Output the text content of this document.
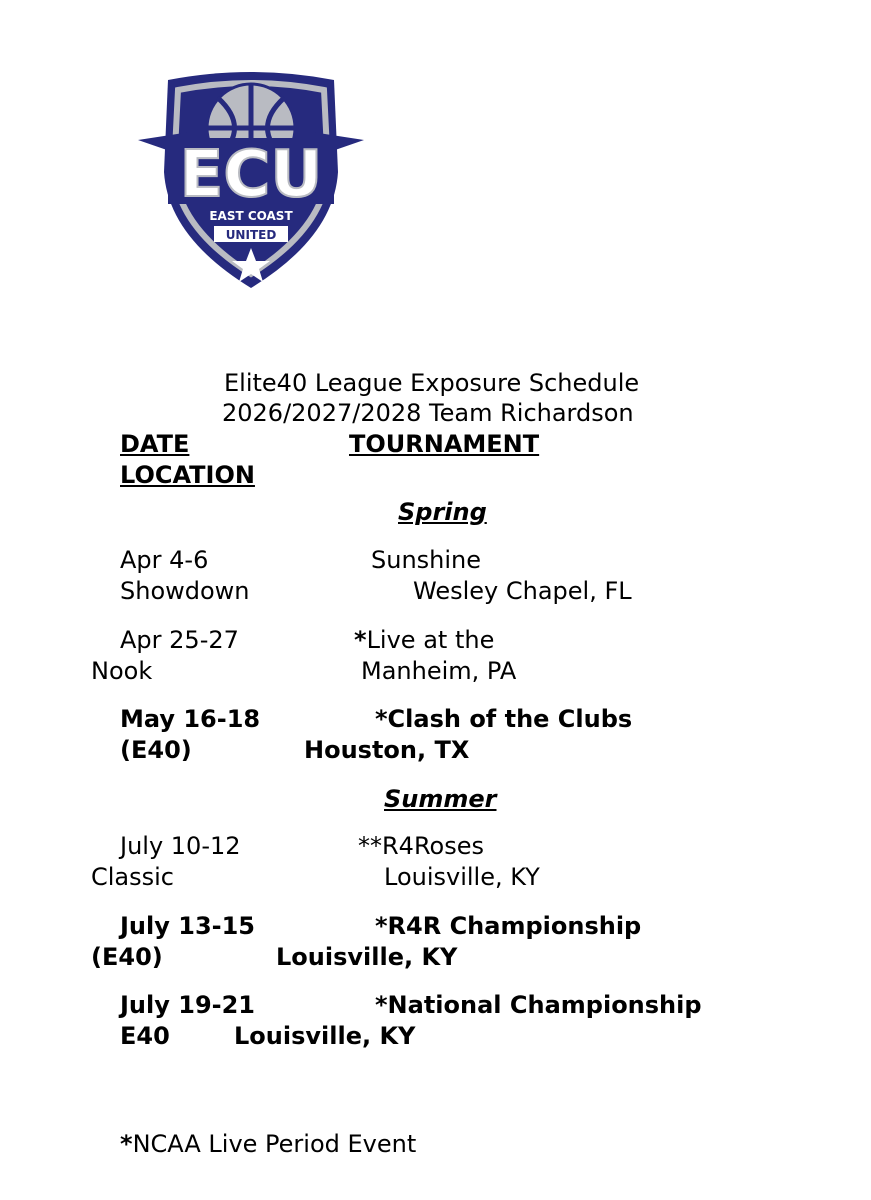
ECU
EAST COAST
UNITED
Elite40 League Exposure Schedule
2026/2027/2028 Team Richardson
DATE	TOURNAMENT
LOCATION
Spring
Apr 4-6	Sunshine
Showdown	Wesley Chapel, FL
Apr 25-27	*Live at the
Nook	Manheim, PA
May 16-18	*Clash of the Clubs
(E40)	Houston, TX
Summer
July 10-12	**R4Roses
Classic	Louisville, KY
July 13-15	*R4R Championship
(E40)	Louisville, KY
July 19-21	*National Championship
E40	Louisville, KY
*NCAA Live Period Event
